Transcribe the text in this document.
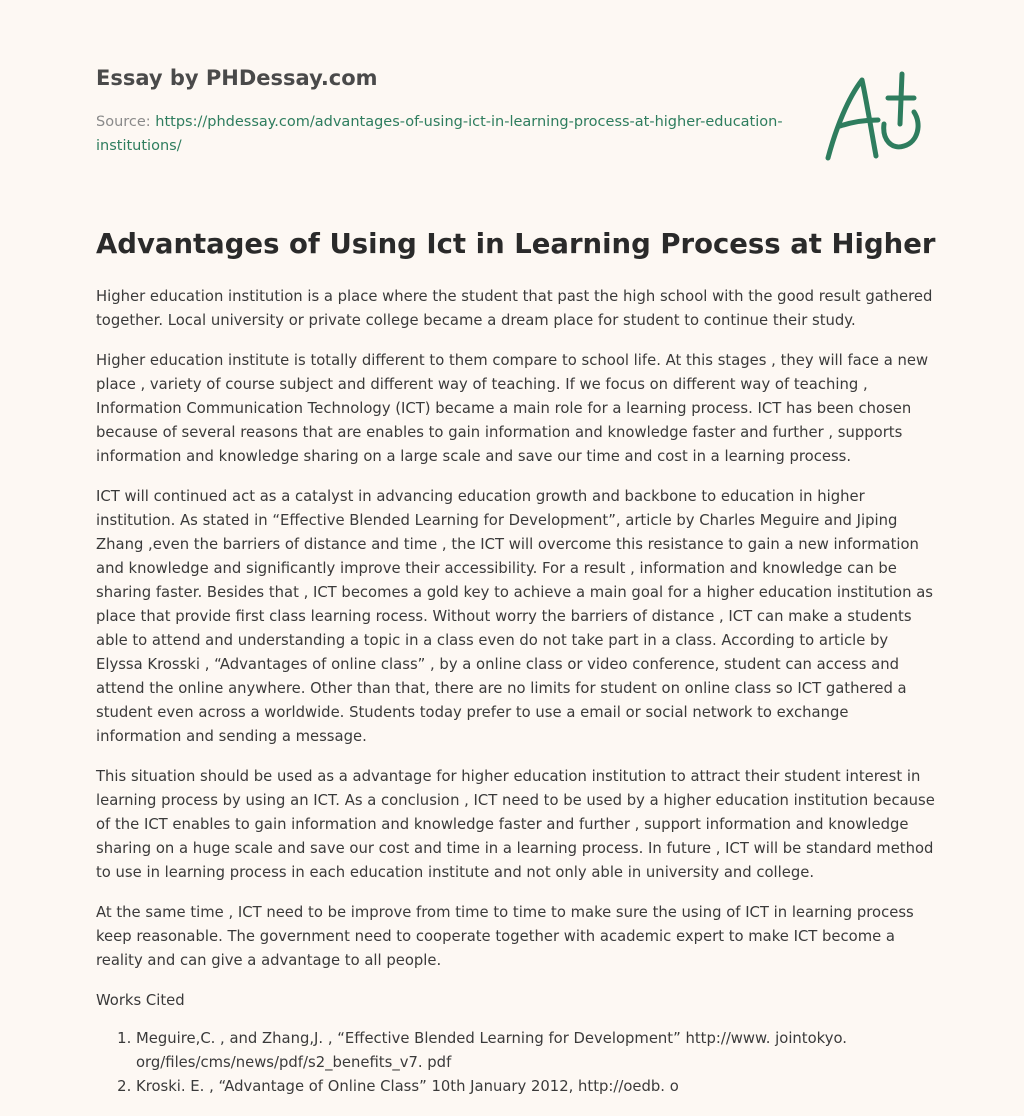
Essay by PHDessay.com
Source: https://phdessay.com/advantages-of-using-ict-in-learning-process-at-higher-education-institutions/
Advantages of Using Ict in Learning Process at Higher

Higher education institution is a place where the student that past the high school with the good result gathered together. Local university or private college became a dream place for student to continue their study.

Higher education institute is totally different to them compare to school life. At this stages , they will face a new place , variety of course subject and different way of teaching. If we focus on different way of teaching , Information Communication Technology (ICT) became a main role for a learning process. ICT has been chosen because of several reasons that are enables to gain information and knowledge faster and further , supports information and knowledge sharing on a large scale and save our time and cost in a learning process.

ICT will continued act as a catalyst in advancing education growth and backbone to education in higher institution. As stated in “Effective Blended Learning for Development”, article by Charles Meguire and Jiping Zhang ,even the barriers of distance and time , the ICT will overcome this resistance to gain a new information and knowledge and significantly improve their accessibility. For a result , information and knowledge can be sharing faster. Besides that , ICT becomes a gold key to achieve a main goal for a higher education institution as place that provide first class learning rocess. Without worry the barriers of distance , ICT can make a students able to attend and understanding a topic in a class even do not take part in a class. According to article by Elyssa Krosski , “Advantages of online class” , by a online class or video conference, student can access and attend the online anywhere. Other than that, there are no limits for student on online class so ICT gathered a student even across a worldwide. Students today prefer to use a email or social network to exchange information and sending a message.

This situation should be used as a advantage for higher education institution to attract their student interest in learning process by using an ICT. As a conclusion , ICT need to be used by a higher education institution because of the ICT enables to gain information and knowledge faster and further , support information and knowledge sharing on a huge scale and save our cost and time in a learning process. In future , ICT will be standard method to use in learning process in each education institute and not only able in university and college.

At the same time , ICT need to be improve from time to time to make sure the using of ICT in learning process keep reasonable. The government need to cooperate together with academic expert to make ICT become a reality and can give a advantage to all people.

Works Cited
1. Meguire,C. , and Zhang,J. , “Effective Blended Learning for Development” http://www. jointokyo. org/files/cms/news/pdf/s2_benefits_v7. pdf
2. Kroski. E. , “Advantage of Online Class” 10th January 2012, http://oedb. o
